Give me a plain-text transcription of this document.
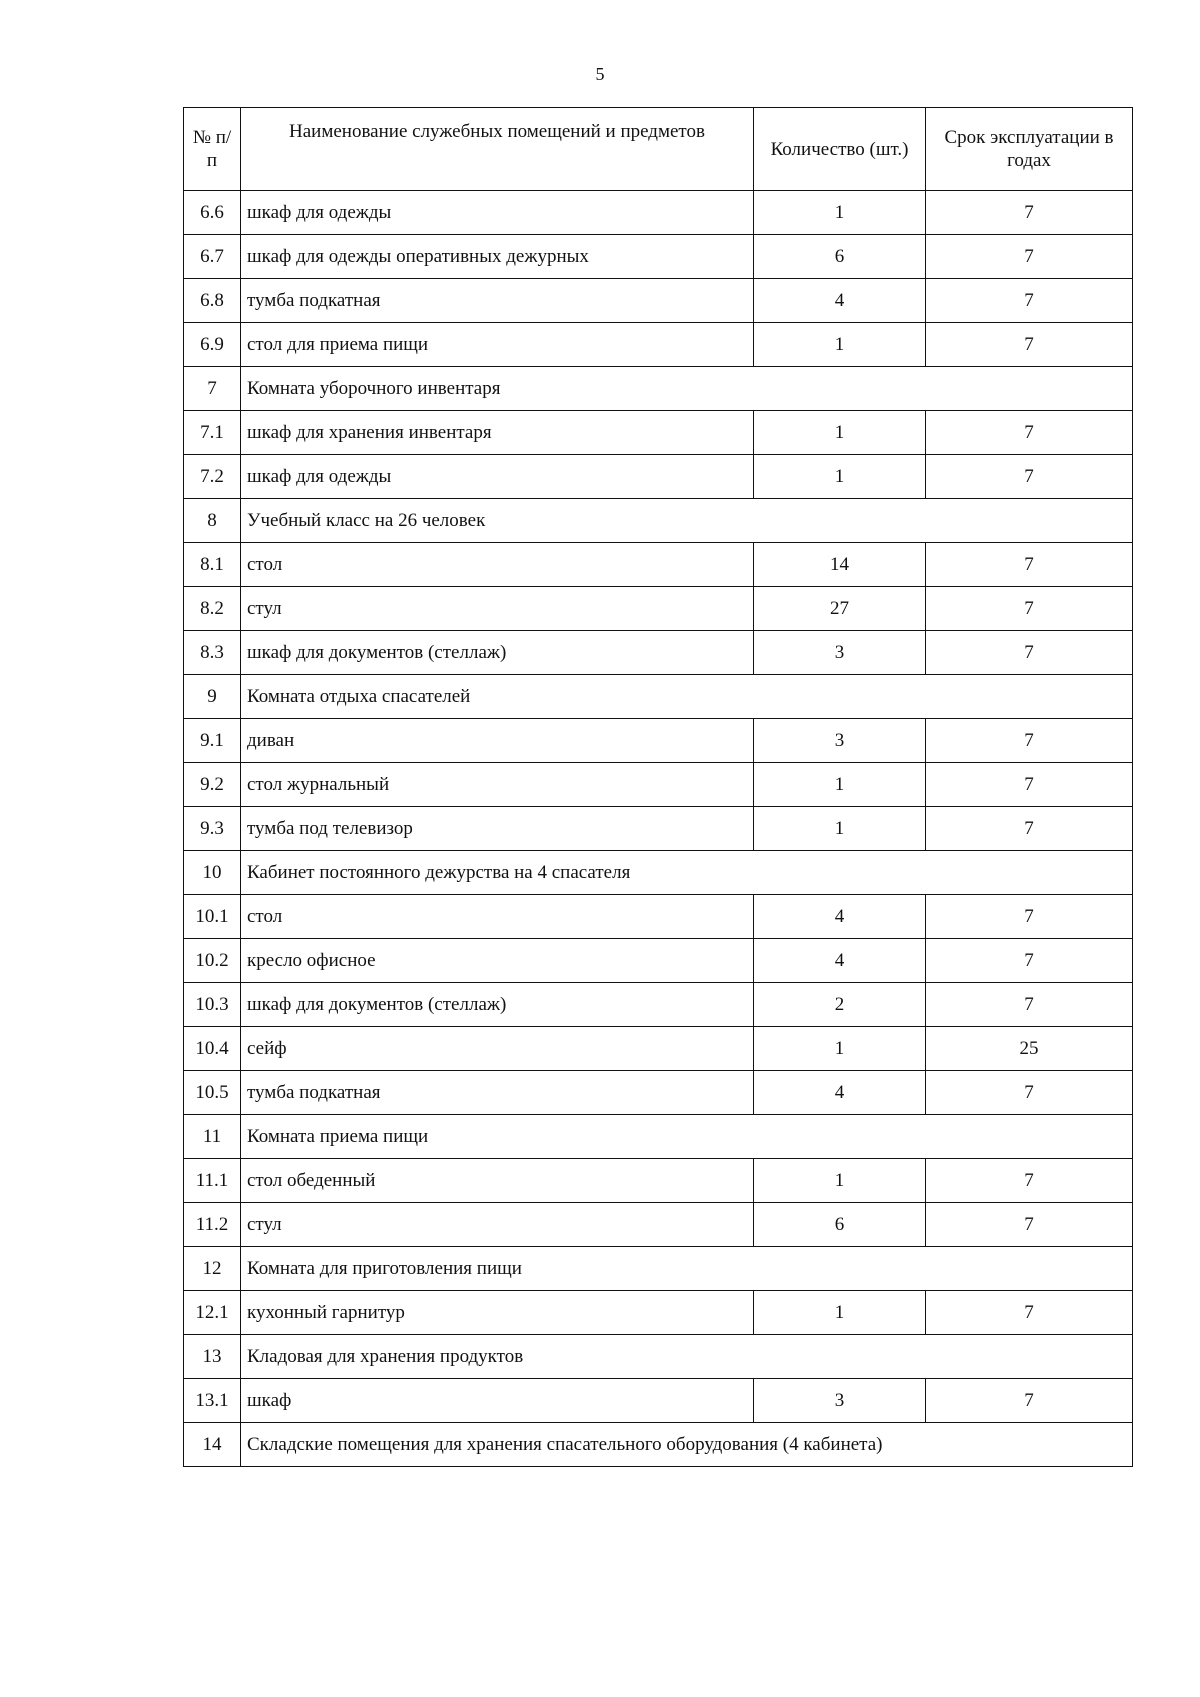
5
№ п/п	Наименование служебных помещений и предметов	Количество (шт.)	Срок эксплуатации в годах
6.6	шкаф для одежды	1	7
6.7	шкаф для одежды оперативных дежурных	6	7
6.8	тумба подкатная	4	7
6.9	стол для приема пищи	1	7
7	Комната уборочного инвентаря		
7.1	шкаф для хранения инвентаря	1	7
7.2	шкаф для одежды	1	7
8	Учебный класс на 26 человек		
8.1	стол	14	7
8.2	стул	27	7
8.3	шкаф для документов (стеллаж)	3	7
9	Комната отдыха спасателей		
9.1	диван	3	7
9.2	стол журнальный	1	7
9.3	тумба под телевизор	1	7
10	Кабинет постоянного дежурства на 4 спасателя		
10.1	стол	4	7
10.2	кресло офисное	4	7
10.3	шкаф для документов (стеллаж)	2	7
10.4	сейф	1	25
10.5	тумба подкатная	4	7
11	Комната приема пищи		
11.1	стол обеденный	1	7
11.2	стул	6	7
12	Комната для приготовления пищи		
12.1	кухонный гарнитур	1	7
13	Кладовая для хранения продуктов		
13.1	шкаф	3	7
14	Складские помещения для хранения спасательного оборудования (4 кабинета)		
